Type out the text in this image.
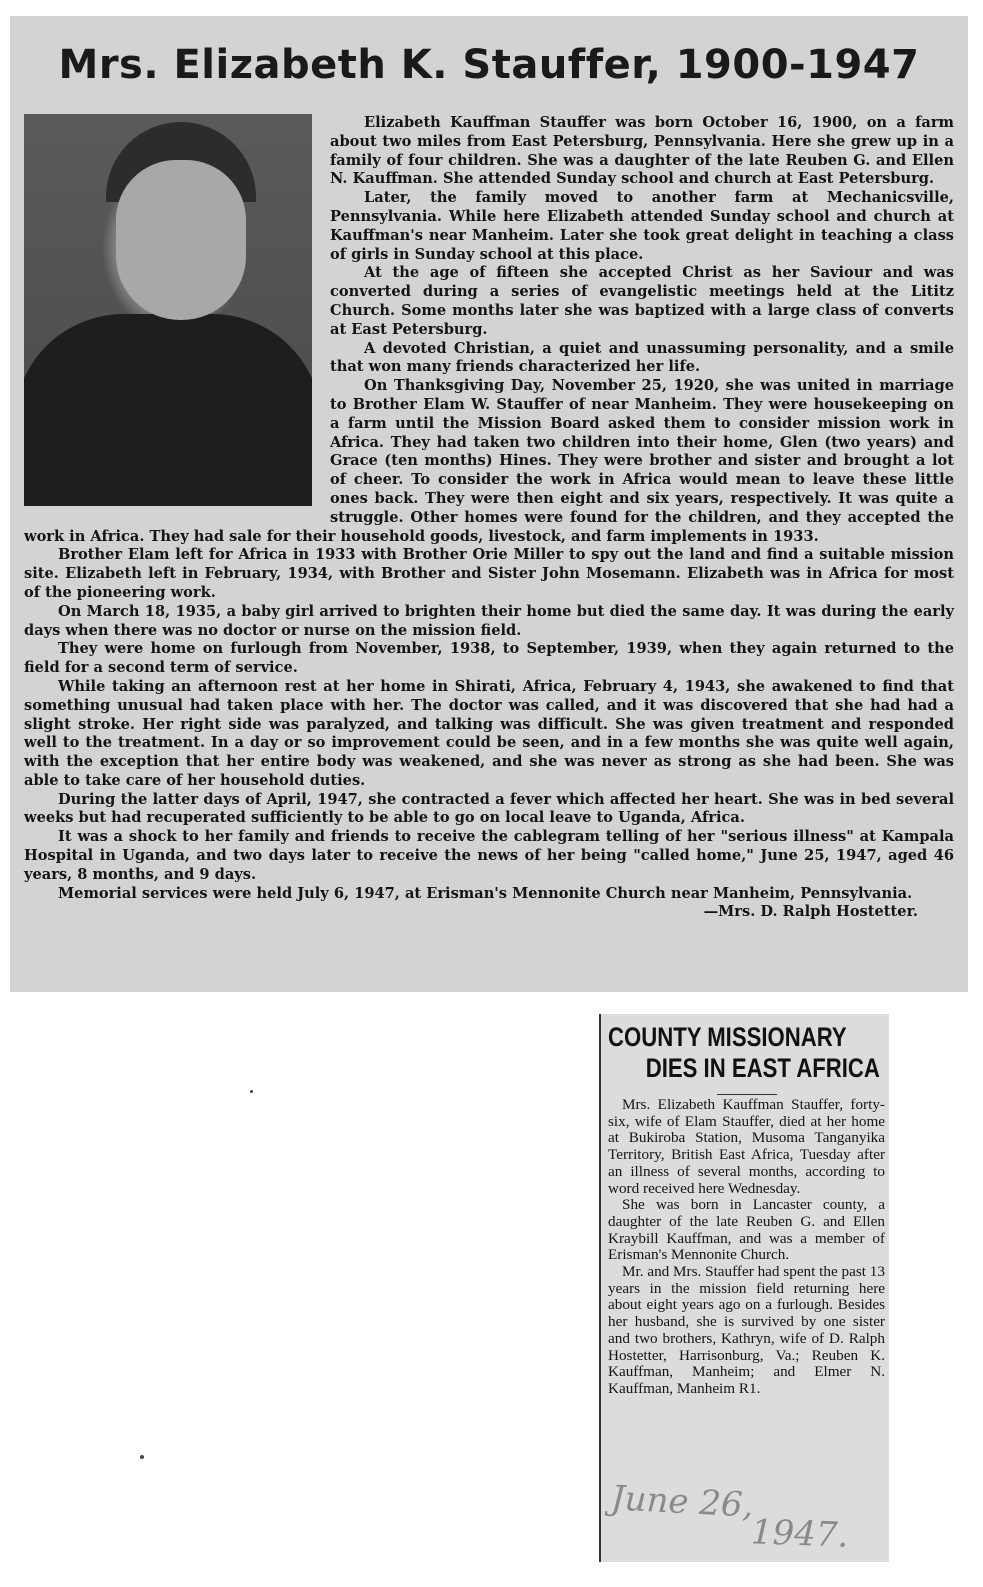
Mrs. Elizabeth K. Stauffer, 1900-1947

Elizabeth Kauffman Stauffer was born October 16, 1900, on a farm about two miles from East Petersburg, Pennsylvania. Here she grew up in a family of four children. She was a daughter of the late Reuben G. and Ellen N. Kauffman. She attended Sunday school and church at East Petersburg.

Later, the family moved to another farm at Mechanicsville, Pennsylvania. While here Elizabeth attended Sunday school and church at Kauffman's near Manheim. Later she took great delight in teaching a class of girls in Sunday school at this place.

At the age of fifteen she accepted Christ as her Saviour and was converted during a series of evangelistic meetings held at the Lititz Church. Some months later she was baptized with a large class of converts at East Petersburg.

A devoted Christian, a quiet and unassuming personality, and a smile that won many friends characterized her life.

On Thanksgiving Day, November 25, 1920, she was united in marriage to Brother Elam W. Stauffer of near Manheim. They were housekeeping on a farm until the Mission Board asked them to consider mission work in Africa. They had taken two children into their home, Glen (two years) and Grace (ten months) Hines. They were brother and sister and brought a lot of cheer. To consider the work in Africa would mean to leave these little ones back. They were then eight and six years, respectively. It was quite a struggle. Other homes were found for the children, and they accepted the work in Africa. They had sale for their household goods, livestock, and farm implements in 1933.

Brother Elam left for Africa in 1933 with Brother Orie Miller to spy out the land and find a suitable mission site. Elizabeth left in February, 1934, with Brother and Sister John Mosemann. Elizabeth was in Africa for most of the pioneering work.

On March 18, 1935, a baby girl arrived to brighten their home but died the same day. It was during the early days when there was no doctor or nurse on the mission field.

They were home on furlough from November, 1938, to September, 1939, when they again returned to the field for a second term of service.

While taking an afternoon rest at her home in Shirati, Africa, February 4, 1943, she awakened to find that something unusual had taken place with her. The doctor was called, and it was discovered that she had had a slight stroke. Her right side was paralyzed, and talking was difficult. She was given treatment and responded well to the treatment. In a day or so improvement could be seen, and in a few months she was quite well again, with the exception that her entire body was weakened, and she was never as strong as she had been. She was able to take care of her household duties.

During the latter days of April, 1947, she contracted a fever which affected her heart. She was in bed several weeks but had recuperated sufficiently to be able to go on local leave to Uganda, Africa.

It was a shock to her family and friends to receive the cablegram telling of her "serious illness" at Kampala Hospital in Uganda, and two days later to receive the news of her being "called home," June 25, 1947, aged 46 years, 8 months, and 9 days.

Memorial services were held July 6, 1947, at Erisman's Mennonite Church near Manheim, Pennsylvania.

—Mrs. D. Ralph Hostetter.

COUNTY MISSIONARY
DIES IN EAST AFRICA

Mrs. Elizabeth Kauffman Stauffer, forty-six, wife of Elam Stauffer, died at her home at Bukiroba Station, Musoma Tanganyika Territory, British East Africa, Tuesday after an illness of several months, according to word received here Wednesday.

She was born in Lancaster county, a daughter of the late Reuben G. and Ellen Kraybill Kauffman, and was a member of Erisman's Mennonite Church.

Mr. and Mrs. Stauffer had spent the past 13 years in the mission field returning here about eight years ago on a furlough. Besides her husband, she is survived by one sister and two brothers, Kathryn, wife of D. Ralph Hostetter, Harrisonburg, Va.; Reuben K. Kauffman, Manheim; and Elmer N. Kauffman, Manheim R1.

June 26,
1947.
